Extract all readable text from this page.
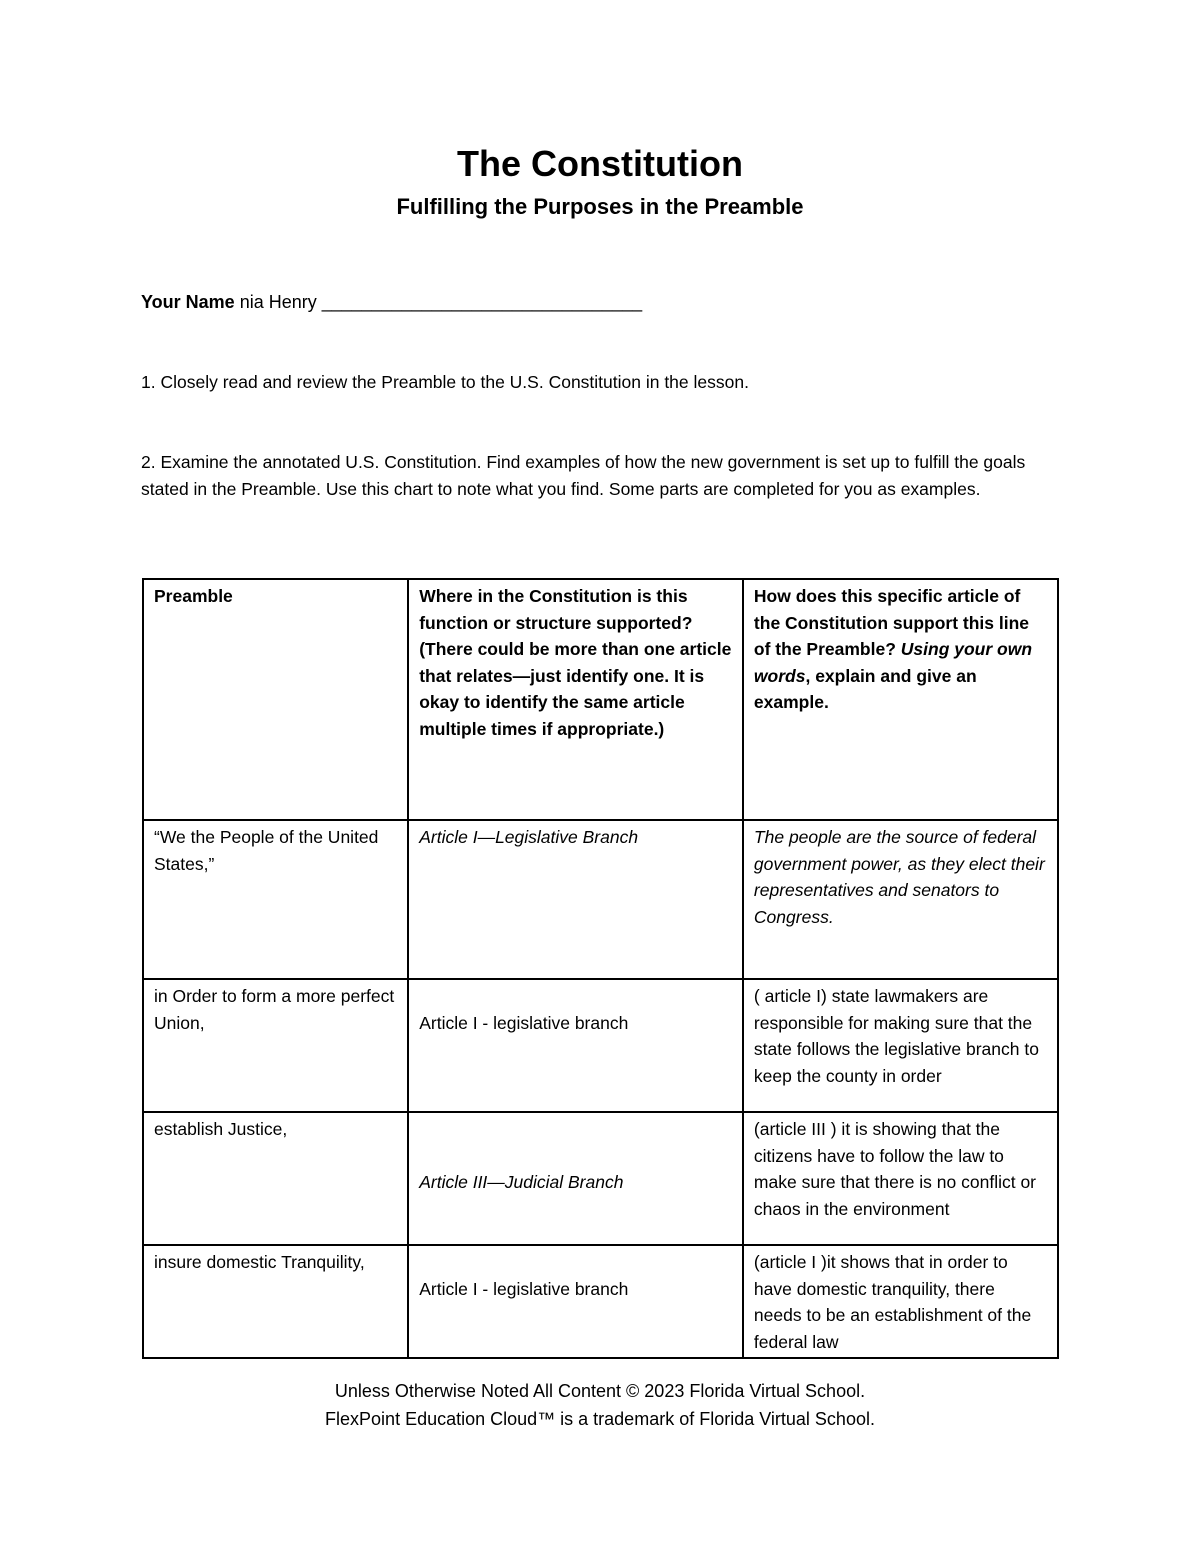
The Constitution
Fulfilling the Purposes in the Preamble
Your Name nia Henry ________________________________
1. Closely read and review the Preamble to the U.S. Constitution in the lesson.
2. Examine the annotated U.S. Constitution. Find examples of how the new government is set up to fulfill the goals stated in the Preamble. Use this chart to note what you find. Some parts are completed for you as examples.
Preamble	Where in the Constitution is this function or structure supported? (There could be more than one article that relates—just identify one. It is okay to identify the same article multiple times if appropriate.)	How does this specific article of the Constitution support this line of the Preamble? Using your own words, explain and give an example.
“We the People of the United States,”	Article I—Legislative Branch	The people are the source of federal government power, as they elect their representatives and senators to Congress.
in Order to form a more perfect Union,	Article I - legislative branch	( article I) state lawmakers are responsible for making sure that the state follows the legislative branch to keep the county in order
establish Justice,	Article III—Judicial Branch	(article III ) it is showing that the citizens have to follow the law to make sure that there is no conflict or chaos in the environment
insure domestic Tranquility,	Article I - legislative branch	(article I )it shows that in order to have domestic tranquility, there needs to be an establishment of the federal law
Unless Otherwise Noted All Content © 2023 Florida Virtual School.
FlexPoint Education Cloud™ is a trademark of Florida Virtual School.
